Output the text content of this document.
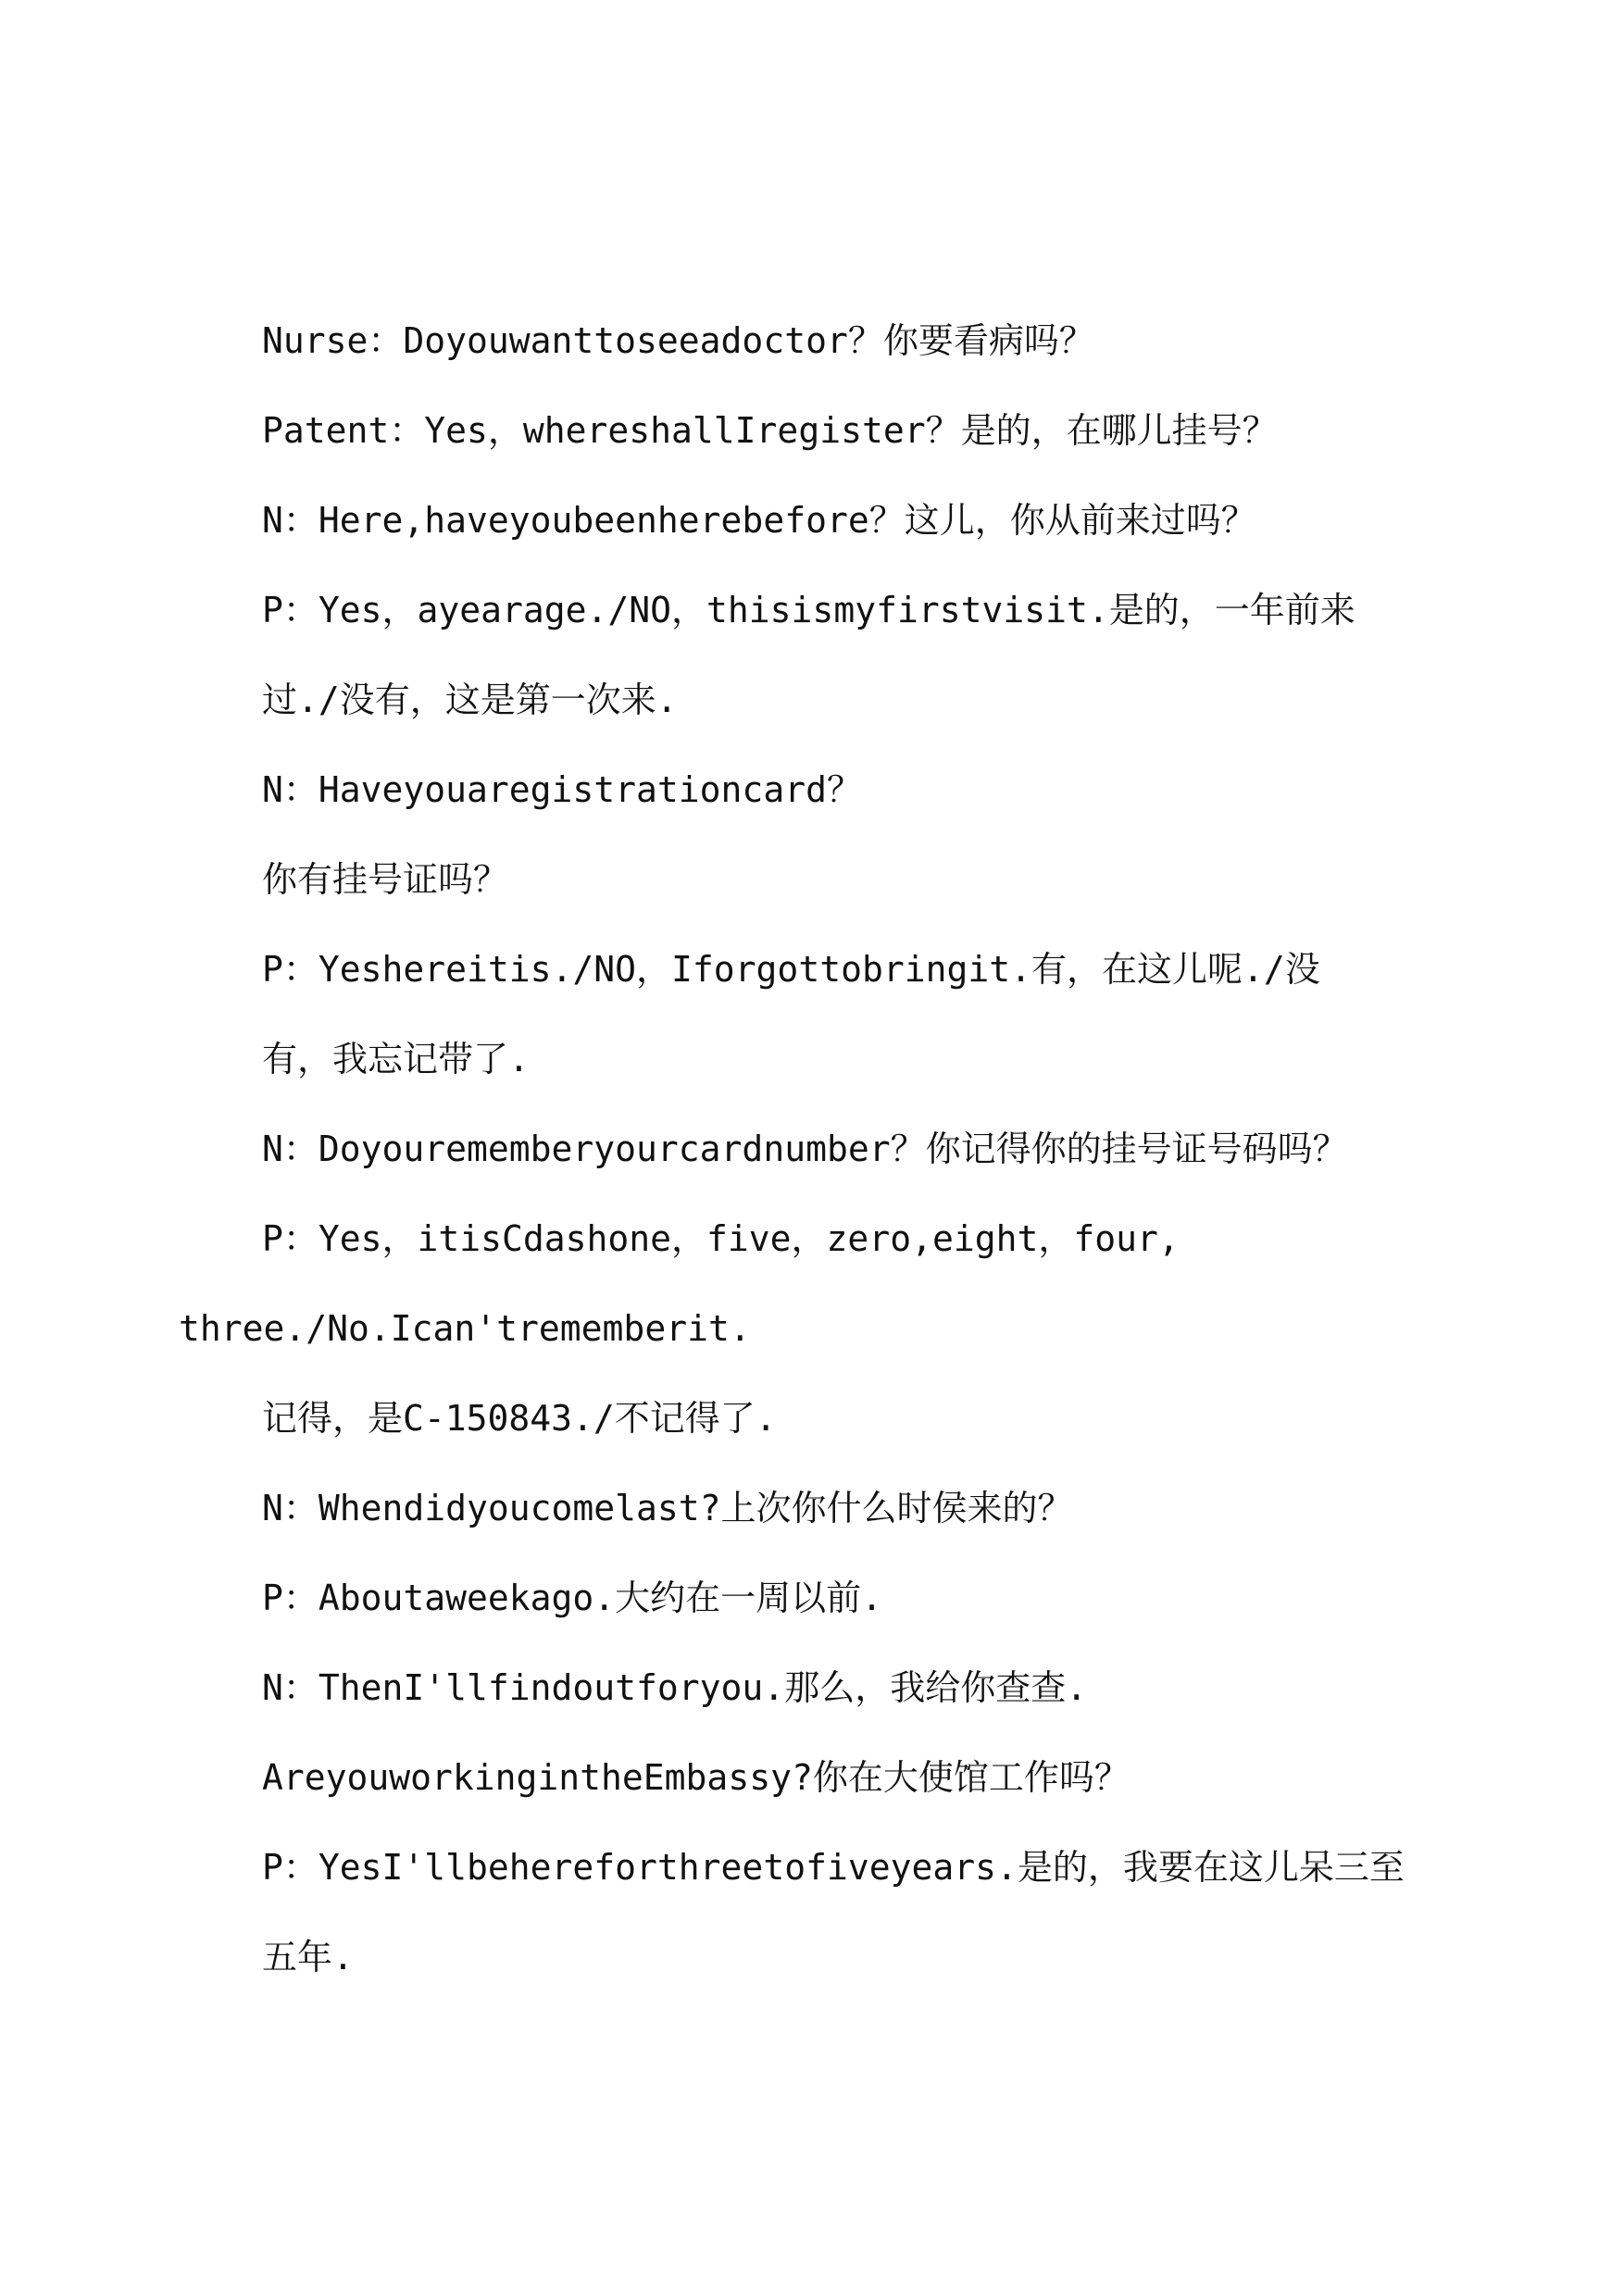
Nurse：Doyouwanttoseeadoctor？你要看病吗？
Patent：Yes，whereshallIregister？是的，在哪儿挂号？
N：Here,haveyoubeenherebefore？这儿，你从前来过吗？
P：Yes，ayearage./NO，thisismyfirstvisit.是的，一年前来
过./没有，这是第一次来.
N：Haveyouaregistrationcard？
你有挂号证吗？
P：Yeshereitis./NO，Iforgottobringit.有，在这儿呢./没
有，我忘记带了.
N：Doyourememberyourcardnumber？你记得你的挂号证号码吗？
P：Yes，itisCdashone，five，zero,eight，four,
three./No.Ican'trememberit.
记得，是C-150843./不记得了.
N：Whendidyoucomelast?上次你什么时侯来的？
P：Aboutaweekago.大约在一周以前.
N：ThenI'llfindoutforyou.那么，我给你查查.
AreyouworkingintheEmbassy?你在大使馆工作吗？
P：YesI'llbehereforthreetofiveyears.是的，我要在这儿呆三至
五年.
